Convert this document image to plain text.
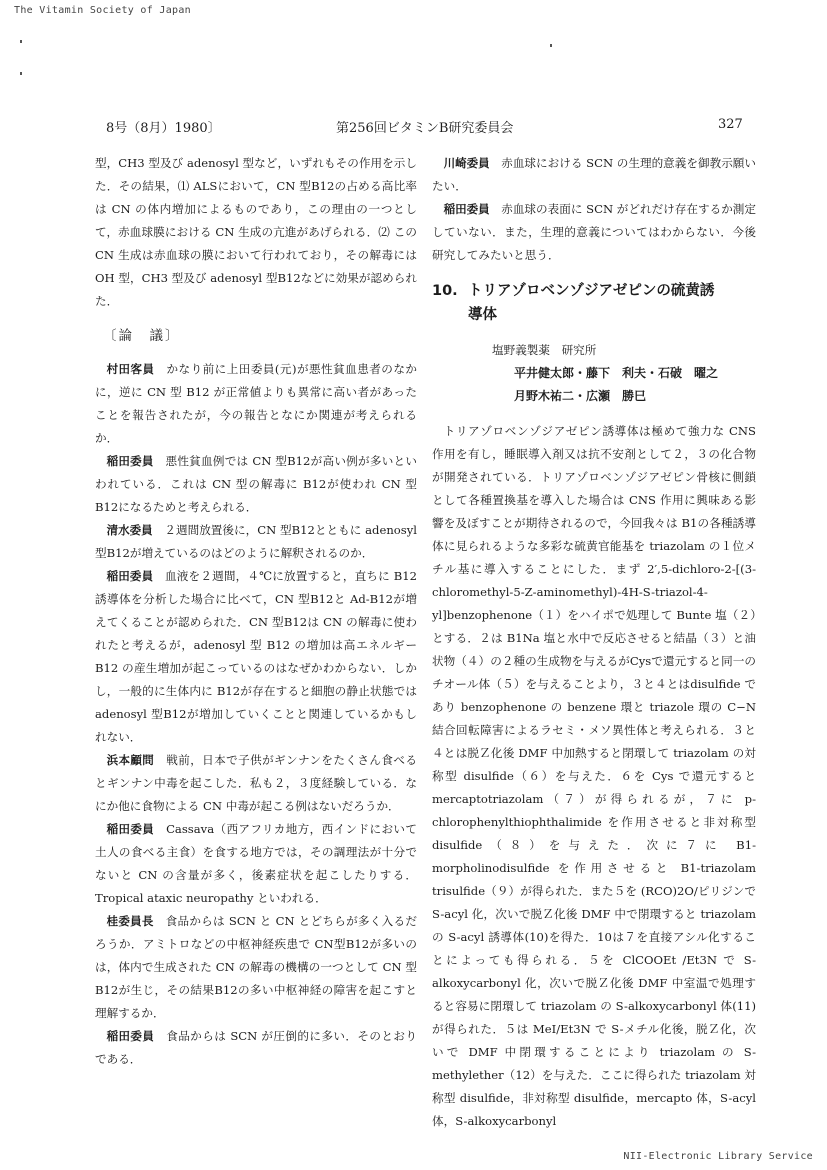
The Vitamin Society of Japan
8号（8月）1980〕	第256回ビタミンB研究委員会	327

型，CH3 型及び adenosyl 型など，いずれもその作用を示した．その結果，⑴ ALSにおいて，CN 型B12の占める高比率は CN の体内増加によるものであり，この理由の一つとして，赤血球膜における CN 生成の亢進があげられる．⑵ この CN 生成は赤血球の膜において行われており，その解毒には OH 型，CH3 型及び adenosyl 型B12などに効果が認められた．

〔論　議〕

村田客員　 かなり前に上田委員(元)が悪性貧血患者のなかに，逆に CN 型 B12 が正常値よりも異常に高い者があったことを報告されたが，今の報告となにか関連が考えられるか．

稲田委員　 悪性貧血例では CN 型B12が高い例が多いといわれている．これは CN 型の解毒に B12が使われ CN 型B12になるためと考えられる．

清水委員　 ２週間放置後に，CN 型B12とともに adenosyl 型B12が増えているのはどのように解釈されるのか．

稲田委員　 血液を２週間，４℃に放置すると，直ちに B12誘導体を分析した場合に比べて，CN 型B12と Ad-B12が増えてくることが認められた．CN 型B12は CN の解毒に使われたと考えるが，adenosyl 型 B12 の増加は高エネルギー B12 の産生増加が起こっているのはなぜかわからない．しかし，一般的に生体内に B12が存在すると細胞の静止状態では adenosyl 型B12が増加していくことと関連しているかもしれない．

浜本顧問　 戦前，日本で子供がギンナンをたくさん食べるとギンナン中毒を起こした．私も２，３度経験している．なにか他に食物による CN 中毒が起こる例はないだろうか．

稲田委員　 Cassava（西アフリカ地方，西インドにおいて土人の食べる主食）を食する地方では，その調理法が十分でないと CN の含量が多く，後素症状を起こしたりする．Tropical ataxic neuropathy といわれる．

桂委員長　 食品からは SCN と CN とどちらが多く入るだろうか．アミトロなどの中枢神経疾患で CN型B12が多いのは，体内で生成された CN の解毒の機構の一つとして CN 型B12が生じ，その結果B12の多い中枢神経の障害を起こすと理解するか．

稲田委員　 食品からは SCN が圧倒的に多い．そのとおりである．

川崎委員　 赤血球における SCN の生理的意義を御教示願いたい．

稲田委員　 赤血球の表面に SCN がどれだけ存在するか測定していない．また，生理的意義についてはわからない．今後研究してみたいと思う．

10. トリアゾロベンゾジアゼピンの硫黄誘
導体

塩野義製薬　研究所

平井健太郎・藤下　利夫・石破　曜之

月野木祐二・広瀬　勝巳

トリアゾロベンゾジアゼピン誘導体は極めて強力な CNS 作用を有し，睡眠導入剤又は抗不安剤として２，３の化合物が開発されている．トリアゾロベンゾジアゼピン骨核に側鎖として各種置換基を導入した場合は CNS 作用に興味ある影響を及ぼすことが期待されるので，今回我々は B1の各種誘導体に見られるような多彩な硫黄官能基を triazolam の１位メチル基に導入することにした．まず 2′,5-dichloro-2-[(3-chloromethyl-5-Z-aminomethyl)-4H-S-triazol-4-yl]benzophenone（１）をハイポで処理して Bunte 塩（２）とする．２は B1Na 塩と水中で反応させると結晶（３）と油状物（４）の２種の生成物を与えるがCysで還元すると同一のチオール体（５）を与えることより，３と４とはdisulfide であり benzophenone の benzene 環と triazole 環の C−N 結合回転障害によるラセミ・メソ異性体と考えられる．３と４とは脱Ｚ化後 DMF 中加熱すると閉環して triazolam の対称型 disulfide（６）を与えた．６を Cys で還元すると mercaptotriazolam（７）が得られるが，７に p-chlorophenylthiophthalimide を作用させると非対称型 disulfide（８）を与えた．次に７に B1-morpholinodisulfide を作用させると B1-triazolam trisulfide（９）が得られた．また５を (RCO)2O/ピリジンで S-acyl 化，次いで脱Ｚ化後 DMF 中で閉環すると triazolam の S-acyl 誘導体(10)を得た．10は７を直接アシル化することによっても得られる．５を ClCOOEt /Et3N で S-alkoxycarbonyl 化，次いで脱Ｚ化後 DMF 中室温で処理すると容易に閉環して triazolam の S-alkoxycarbonyl 体(11)が得られた．５は MeI/Et3N で S-メチル化後，脱Ｚ化，次いで DMF 中閉環することにより triazolam の S-methylether（12）を与えた．ここに得られた triazolam 対称型 disulfide，非対称型 disulfide，mercapto 体，S-acyl 体，S-alkoxycarbonyl

NII-Electronic Library Service
